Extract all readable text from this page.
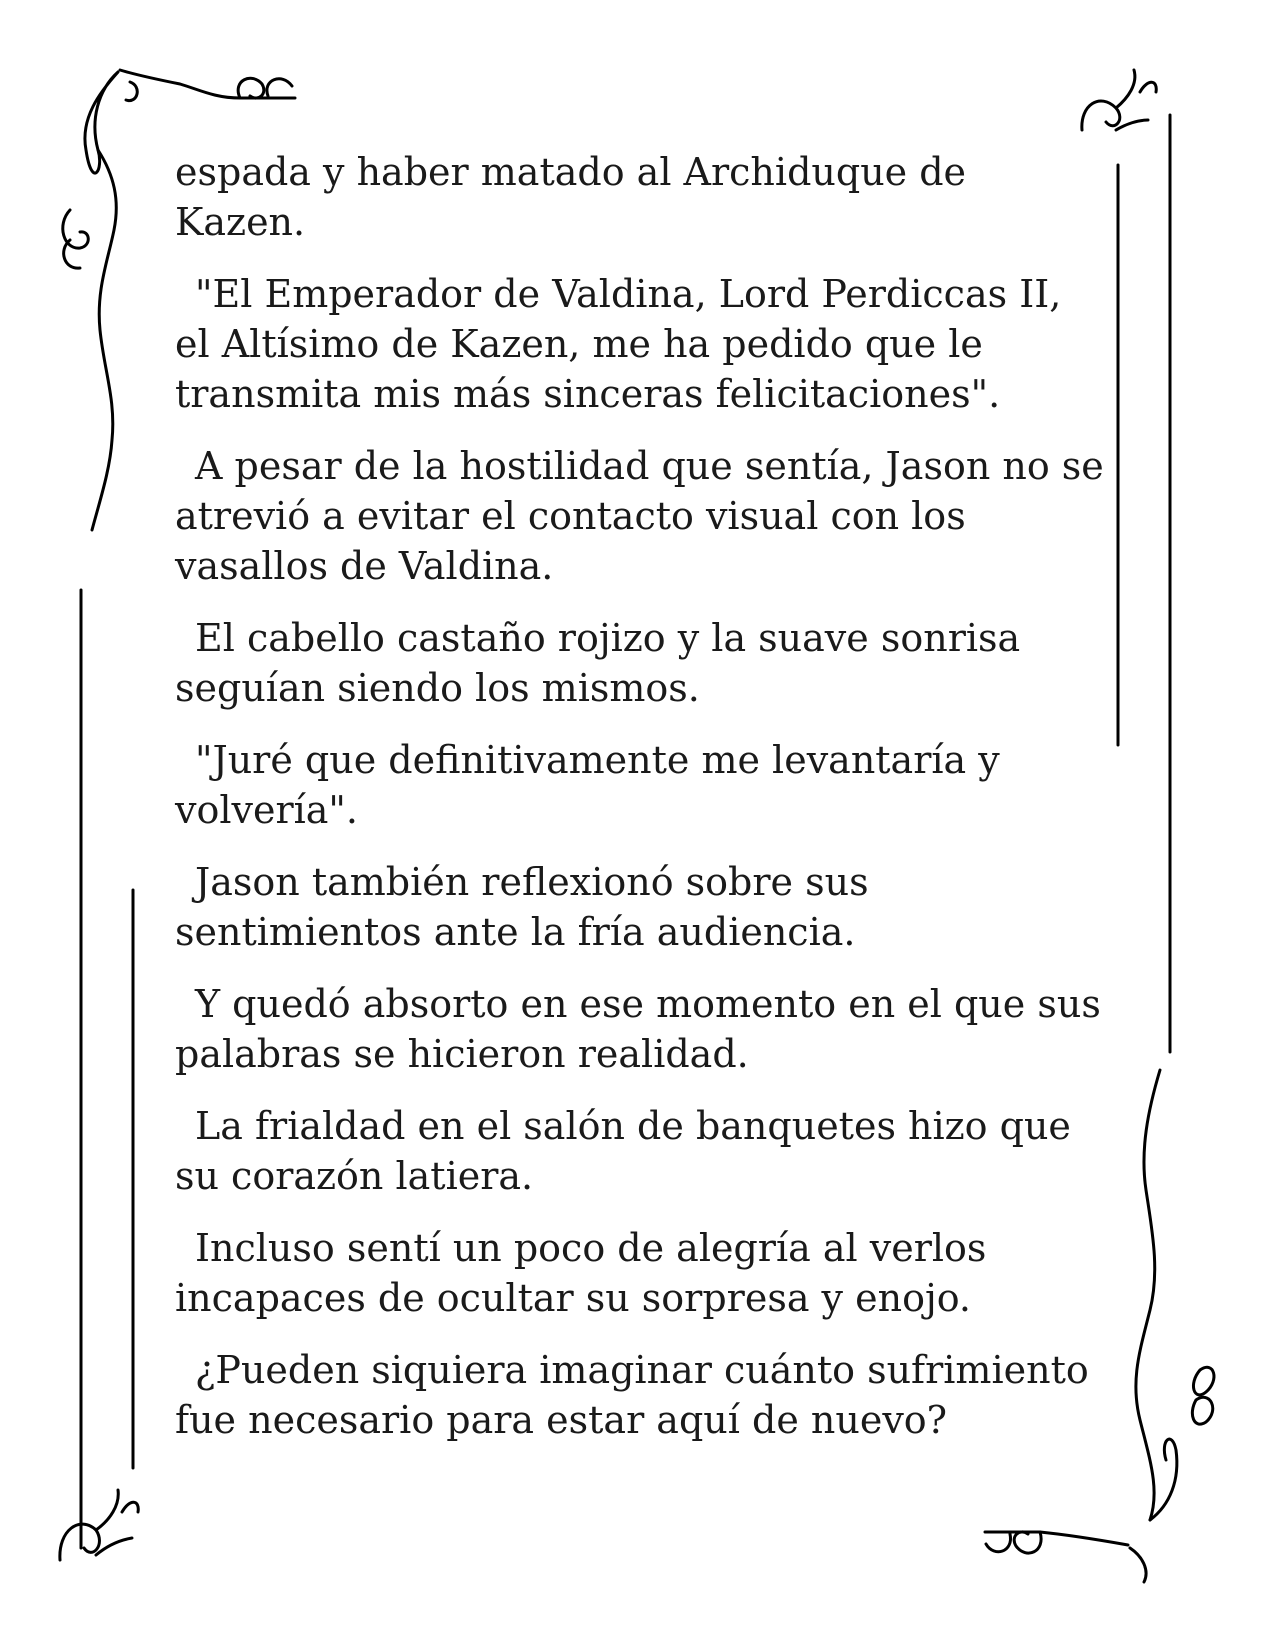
espada y haber matado al Archiduque de Kazen.

"El Emperador de Valdina, Lord Perdiccas II, el Altísimo de Kazen, me ha pedido que le transmita mis más sinceras felicitaciones".

A pesar de la hostilidad que sentía, Jason no se atrevió a evitar el contacto visual con los vasallos de Valdina.

El cabello castaño rojizo y la suave sonrisa seguían siendo los mismos.

"Juré que definitivamente me levantaría y volvería".

Jason también reflexionó sobre sus sentimientos ante la fría audiencia.

Y quedó absorto en ese momento en el que sus palabras se hicieron realidad.

La frialdad en el salón de banquetes hizo que su corazón latiera.

Incluso sentí un poco de alegría al verlos incapaces de ocultar su sorpresa y enojo.

¿Pueden siquiera imaginar cuánto sufrimiento fue necesario para estar aquí de nuevo?
